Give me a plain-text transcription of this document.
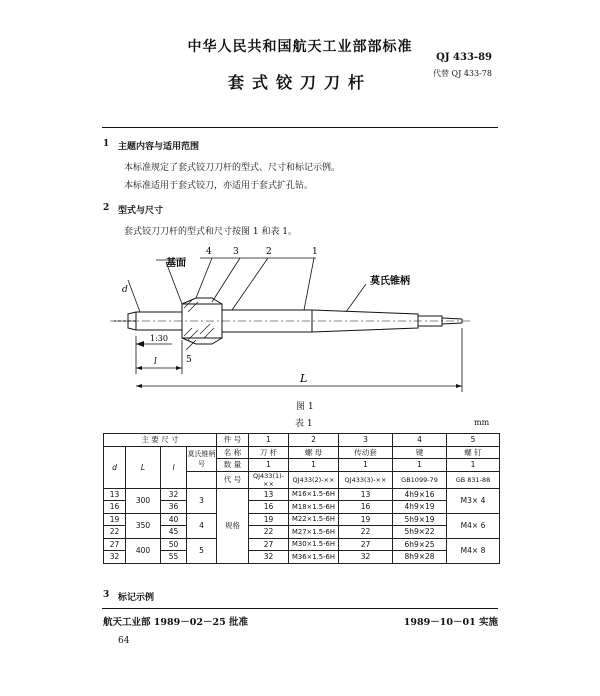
中华人民共和国航天工业部部标准
QJ 433-89
代替 QJ 433-78
套式铰刀刀杆
1 主题内容与适用范围
本标准规定了套式铰刀刀杆的型式、尺寸和标记示例。
本标准适用于套式铰刀，亦适用于套式扩孔钻。
2 型式与尺寸
套式铰刀刀杆的型式和尺寸按图 1 和表 1。
基面
4 3	2	1
莫氏锥柄
5
d
1:30
l
L
图 1
表 1	mm
主 要 尺 寸				件 号	1	2	3	4	5
d	L	l	莫氏锥柄 号	名 称	刀 杆	螺 母	传动套	键	螺 钉
				数 量	1	1	1	1	1
				代 号	QJ433(1)-××	QJ433(2)-××	QJ433(3)-××	GB1099-79	GB 831-88
13	300	32	3	规格	13	M16×1.5-6H	13	4h9×16	M3× 4
16		36			16	M18×1.5-6H	16	4h9×19	
19	350	40	4		19	M22×1.5-6H	19	5h9×19	M4× 6
22		45			22	M27×1.5-6H	22	5h9×22	
27	400	50	5		27	M30×1.5-6H	27	6h9×25	M4× 8
32		55			32	M36×1.5-6H	32	8h9×28	
3 标记示例
航天工业部 1989－02－25 批准	1989－10－01 实施
64
